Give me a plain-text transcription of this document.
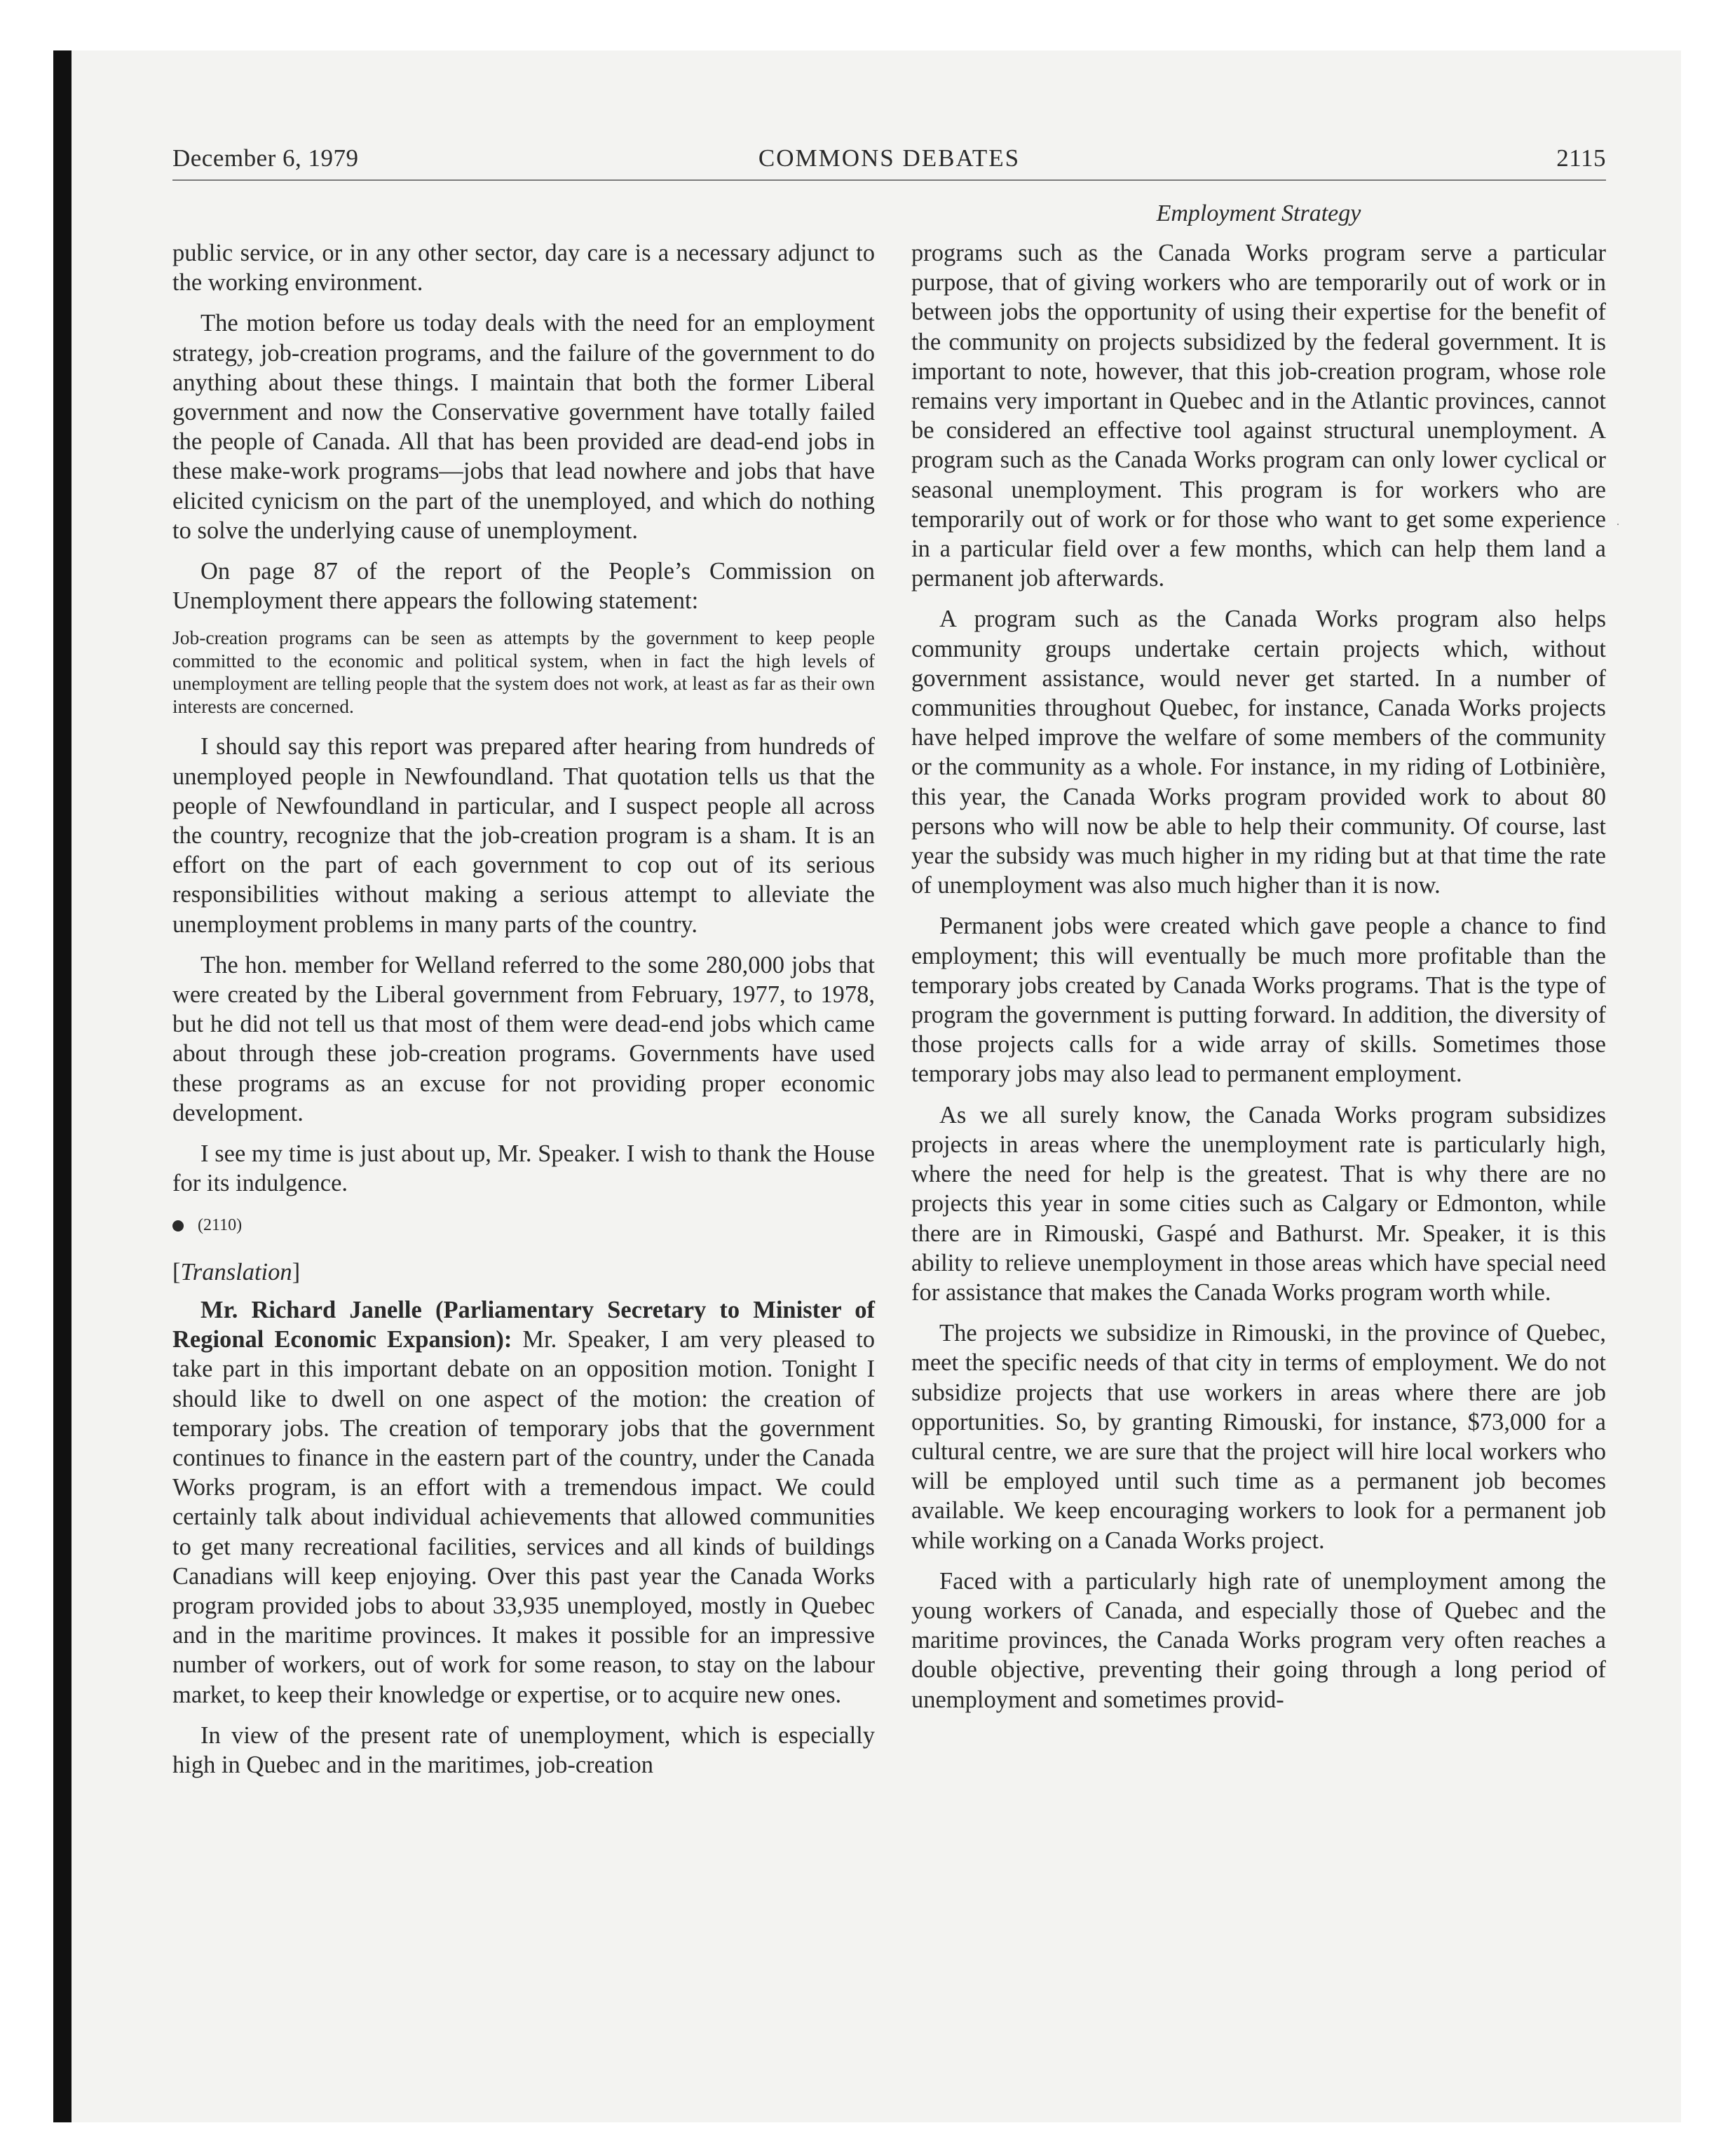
December 6, 1979	COMMONS DEBATES	2115
Employment Strategy

public service, or in any other sector, day care is a necessary adjunct to the working environment.

The motion before us today deals with the need for an employment strategy, job-creation programs, and the failure of the government to do anything about these things. I maintain that both the former Liberal government and now the Conservative government have totally failed the people of Canada. All that has been provided are dead-end jobs in these make-work programs—jobs that lead nowhere and jobs that have elicited cynicism on the part of the unemployed, and which do nothing to solve the underlying cause of unemployment.

On page 87 of the report of the People’s Commission on Unemployment there appears the following statement:

Job-creation programs can be seen as attempts by the government to keep people committed to the economic and political system, when in fact the high levels of unemployment are telling people that the system does not work, at least as far as their own interests are concerned.

I should say this report was prepared after hearing from hundreds of unemployed people in Newfoundland. That quotation tells us that the people of Newfoundland in particular, and I suspect people all across the country, recognize that the job-creation program is a sham. It is an effort on the part of each government to cop out of its serious responsibilities without making a serious attempt to alleviate the unemployment problems in many parts of the country.

The hon. member for Welland referred to the some 280,000 jobs that were created by the Liberal government from February, 1977, to 1978, but he did not tell us that most of them were dead-end jobs which came about through these job-creation programs. Governments have used these programs as an excuse for not providing proper economic development.

I see my time is just about up, Mr. Speaker. I wish to thank the House for its indulgence.

(2110)
[Translation]

Mr. Richard Janelle (Parliamentary Secretary to Minister of Regional Economic Expansion): Mr. Speaker, I am very pleased to take part in this important debate on an opposition motion. Tonight I should like to dwell on one aspect of the motion: the creation of temporary jobs. The creation of temporary jobs that the government continues to finance in the eastern part of the country, under the Canada Works program, is an effort with a tremendous impact. We could certainly talk about individual achievements that allowed communities to get many recreational facilities, services and all kinds of buildings Canadians will keep enjoying. Over this past year the Canada Works program provided jobs to about 33,935 unemployed, mostly in Quebec and in the maritime provinces. It makes it possible for an impressive number of workers, out of work for some reason, to stay on the labour market, to keep their knowledge or expertise, or to acquire new ones.

In view of the present rate of unemployment, which is especially high in Quebec and in the maritimes, job-creation

programs such as the Canada Works program serve a particular purpose, that of giving workers who are temporarily out of work or in between jobs the opportunity of using their expertise for the benefit of the community on projects subsidized by the federal government. It is important to note, however, that this job-creation program, whose role remains very important in Quebec and in the Atlantic provinces, cannot be considered an effective tool against structural unemployment. A program such as the Canada Works program can only lower cyclical or seasonal unemployment. This program is for workers who are temporarily out of work or for those who want to get some experience in a particular field over a few months, which can help them land a permanent job afterwards.

A program such as the Canada Works program also helps community groups undertake certain projects which, without government assistance, would never get started. In a number of communities throughout Quebec, for instance, Canada Works projects have helped improve the welfare of some members of the community or the community as a whole. For instance, in my riding of Lotbinière, this year, the Canada Works program provided work to about 80 persons who will now be able to help their community. Of course, last year the subsidy was much higher in my riding but at that time the rate of unemployment was also much higher than it is now.

Permanent jobs were created which gave people a chance to find employment; this will eventually be much more profitable than the temporary jobs created by Canada Works programs. That is the type of program the government is putting forward. In addition, the diversity of those projects calls for a wide array of skills. Sometimes those temporary jobs may also lead to permanent employment.

As we all surely know, the Canada Works program subsidizes projects in areas where the unemployment rate is particularly high, where the need for help is the greatest. That is why there are no projects this year in some cities such as Calgary or Edmonton, while there are in Rimouski, Gaspé and Bathurst. Mr. Speaker, it is this ability to relieve unemployment in those areas which have special need for assistance that makes the Canada Works program worth while.

The projects we subsidize in Rimouski, in the province of Quebec, meet the specific needs of that city in terms of employment. We do not subsidize projects that use workers in areas where there are job opportunities. So, by granting Rimouski, for instance, $73,000 for a cultural centre, we are sure that the project will hire local workers who will be employed until such time as a permanent job becomes available. We keep encouraging workers to look for a permanent job while working on a Canada Works project.

Faced with a particularly high rate of unemployment among the young workers of Canada, and especially those of Quebec and the maritime provinces, the Canada Works program very often reaches a double objective, preventing their going through a long period of unemployment and sometimes provid-
